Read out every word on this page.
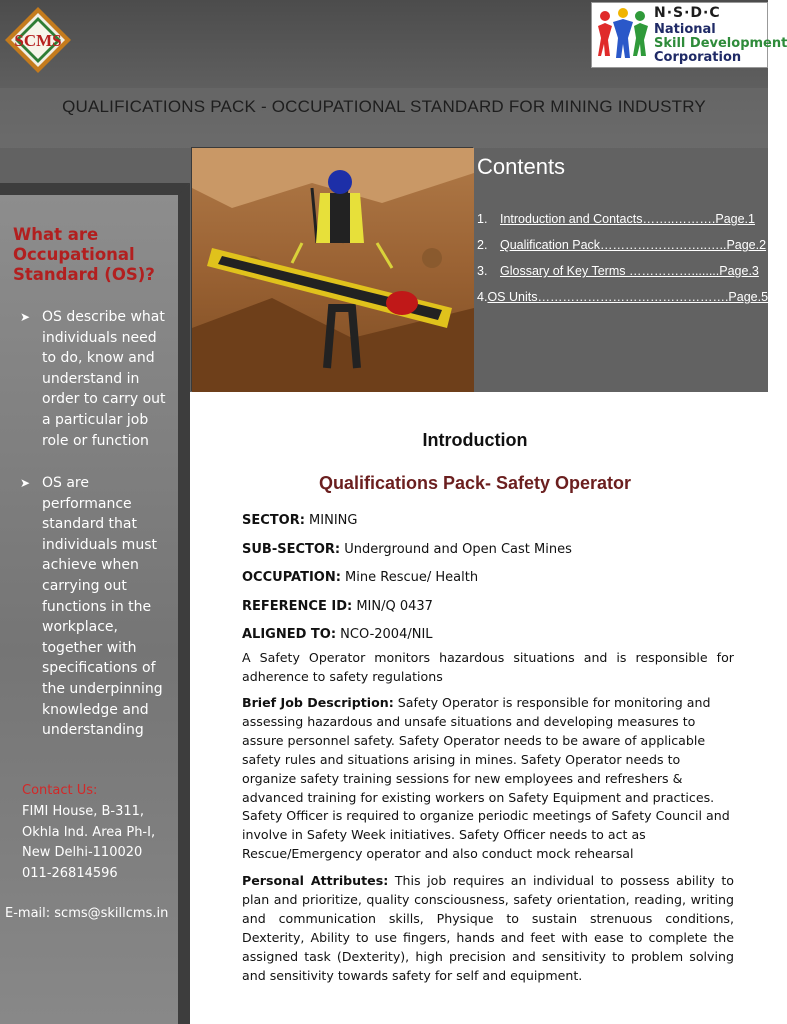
SCMS
N·S·D·C
National
Skill Development
Corporation
QUALIFICATIONS PACK - OCCUPATIONAL STANDARD FOR MINING INDUSTRY
Contents
1.	Introduction and Contacts……..……….Page.1
2.	Qualification Pack……………………..…..Page.2
3.	Glossary of Key Terms ……………........Page.3
4. OS Units……………………………………….Page.5
What are Occupational Standard (OS)?
➤ OS describe what individuals need to do, know and understand in order to carry out a particular job role or function
➤ OS are performance standard that individuals must achieve when carrying out functions in the workplace, together with specifications of the underpinning knowledge and understanding
Contact Us:
FIMI House, B-311,
Okhla Ind. Area Ph-I,
New Delhi-110020
011-26814596
E-mail: scms@skillcms.in
Introduction
Qualifications Pack- Safety Operator
SECTOR: MINING
SUB-SECTOR: Underground and Open Cast Mines
OCCUPATION: Mine Rescue/ Health
REFERENCE ID: MIN/Q 0437
ALIGNED TO: NCO-2004/NIL
A Safety Operator monitors hazardous situations and is responsible for adherence to safety regulations
Brief Job Description: Safety Operator is responsible for monitoring and assessing hazardous and unsafe situations and developing measures to assure personnel safety. Safety Operator needs to be aware of applicable safety rules and situations arising in mines. Safety Operator needs to organize safety training sessions for new employees and refreshers & advanced training for existing workers on Safety Equipment and practices. Safety Officer is required to organize periodic meetings of Safety Council and involve in Safety Week initiatives. Safety Officer needs to act as Rescue/Emergency operator and also conduct mock rehearsal
Personal Attributes: This job requires an individual to possess ability to plan and prioritize, quality consciousness, safety orientation, reading, writing and communication skills, Physique to sustain strenuous conditions, Dexterity, Ability to use fingers, hands and feet with ease to complete the assigned task (Dexterity), high precision and sensitivity to problem solving and sensitivity towards safety for self and equipment.
